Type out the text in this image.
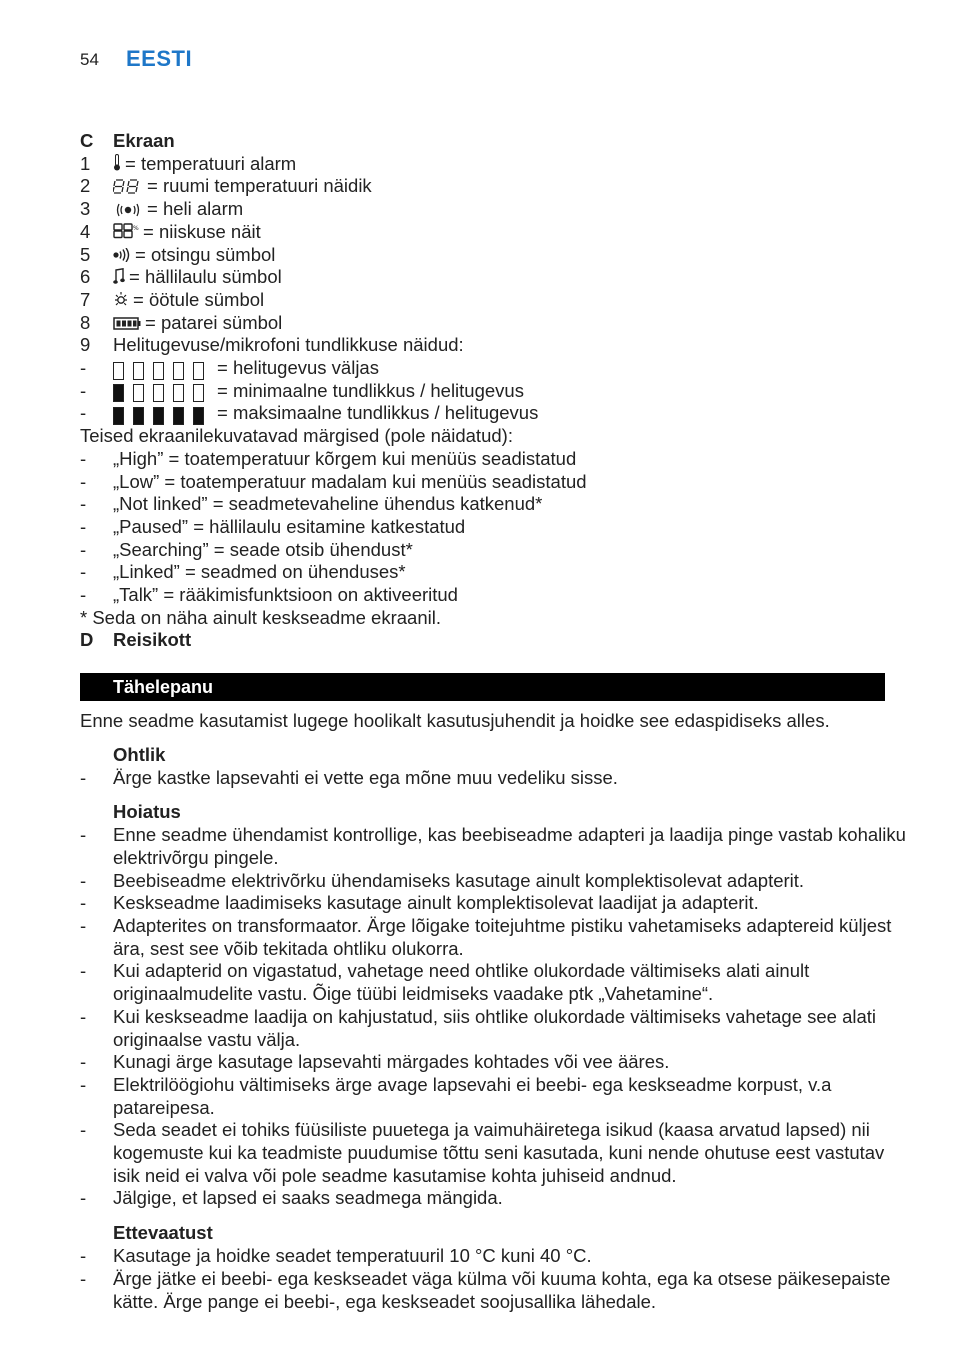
54 EESTI
C	Ekraan
1	= temperatuuri alarm
2	= ruumi temperatuuri näidik
3	= heli alarm
4	% = niiskuse näit
5	= otsingu sümbol
6	= hällilaulu sümbol
7	= öötule sümbol
8	= patarei sümbol
9	Helitugevuse/mikrofoni tundlikkuse näidud:
-	= helitugevus väljas
-	= minimaalne tundlikkus / helitugevus
-	= maksimaalne tundlikkus / helitugevus
Teised ekraanilekuvatavad märgised (pole näidatud):
-	„High” = toatemperatuur kõrgem kui menüüs seadistatud
-	„Low” = toatemperatuur madalam kui menüüs seadistatud
-	„Not linked” = seadmetevaheline ühendus katkenud*
-	„Paused” = hällilaulu esitamine katkestatud
-	„Searching” = seade otsib ühendust*
-	„Linked” = seadmed on ühenduses*
-	„Talk” = rääkimisfunktsioon on aktiveeritud
* Seda on näha ainult keskseadme ekraanil.
D	Reisikott
Tähelepanu
Enne seadme kasutamist lugege hoolikalt kasutusjuhendit ja hoidke see edaspidiseks alles.
Ohtlik
-	Ärge kastke lapsevahti ei vette ega mõne muu vedeliku sisse.
Hoiatus
-	Enne seadme ühendamist kontrollige, kas beebiseadme adapteri ja laadija pinge vastab kohaliku
elektrivõrgu pingele.
-	Beebiseadme elektrivõrku ühendamiseks kasutage ainult komplektisolevat adapterit.
-	Keskseadme laadimiseks kasutage ainult komplektisolevat laadijat ja adapterit.
-	Adapterites on transformaator. Ärge lõigake toitejuhtme pistiku vahetamiseks adaptereid küljest
ära, sest see võib tekitada ohtliku olukorra.
-	Kui adapterid on vigastatud, vahetage need ohtlike olukordade vältimiseks alati ainult
originaalmudelite vastu. Õige tüübi leidmiseks vaadake ptk „Vahetamine“.
-	Kui keskseadme laadija on kahjustatud, siis ohtlike olukordade vältimiseks vahetage see alati
originaalse vastu välja.
-	Kunagi ärge kasutage lapsevahti märgades kohtades või vee ääres.
-	Elektrilöögiohu vältimiseks ärge avage lapsevahi ei beebi- ega keskseadme korpust, v.a
patareipesa.
-	Seda seadet ei tohiks füüsiliste puuetega ja vaimuhäiretega isikud (kaasa arvatud lapsed) nii
kogemuste kui ka teadmiste puudumise tõttu seni kasutada, kuni nende ohutuse eest vastutav
isik neid ei valva või pole seadme kasutamise kohta juhiseid andnud.
-	Jälgige, et lapsed ei saaks seadmega mängida.
Ettevaatust
-	Kasutage ja hoidke seadet temperatuuril 10 °C kuni 40 °C.
-	Ärge jätke ei beebi- ega keskseadet väga külma või kuuma kohta, ega ka otsese päikesepaiste
kätte. Ärge pange ei beebi-, ega keskseadet soojusallika lähedale.
